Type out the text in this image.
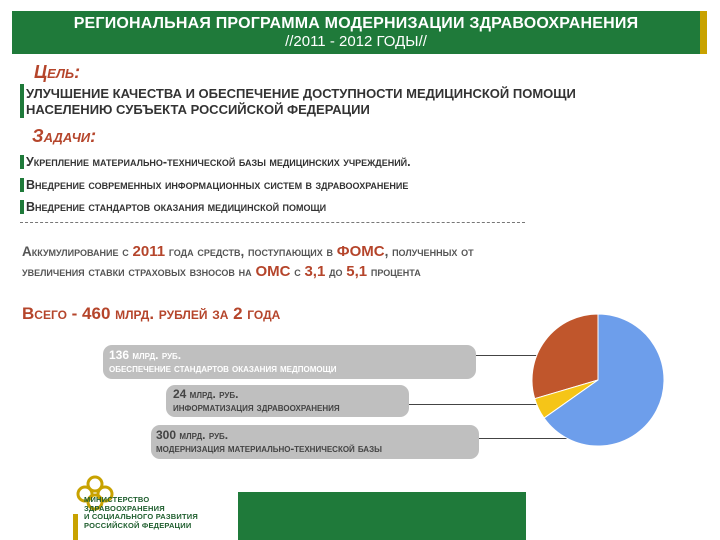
РЕГИОНАЛЬНАЯ ПРОГРАММА МОДЕРНИЗАЦИИ ЗДРАВООХРАНЕНИЯ
//2011 - 2012 ГОДЫ//
Цель:
УЛУЧШЕНИЕ КАЧЕСТВА И ОБЕСПЕЧЕНИЕ ДОСТУПНОСТИ МЕДИЦИНСКОЙ ПОМОЩИ
НАСЕЛЕНИЮ СУБЪЕКТА РОССИЙСКОЙ ФЕДЕРАЦИИ
Задачи:
Укрепление материально-технической базы медицинских учреждений.
Внедрение современных информационных систем в здравоохранение
Внедрение стандартов оказания медицинской помощи
Аккумулирование с 2011 года средств, поступающих в ФОМС, полученных от
увеличения ставки страховых взносов на ОМС с 3,1 до 5,1 процента
Всего - 460 млрд. рублей за 2 года
136 млрд. руб.
обеспечение стандартов оказания медпомощи
24 млрд. руб.
информатизация здравоохранения
300 млрд. руб.
модернизация материально-технической базы
МИНИСТЕРСТВО
ЗДРАВООХРАНЕНИЯ
И СОЦИАЛЬНОГО РАЗВИТИЯ
РОССИЙСКОЙ ФЕДЕРАЦИИ
